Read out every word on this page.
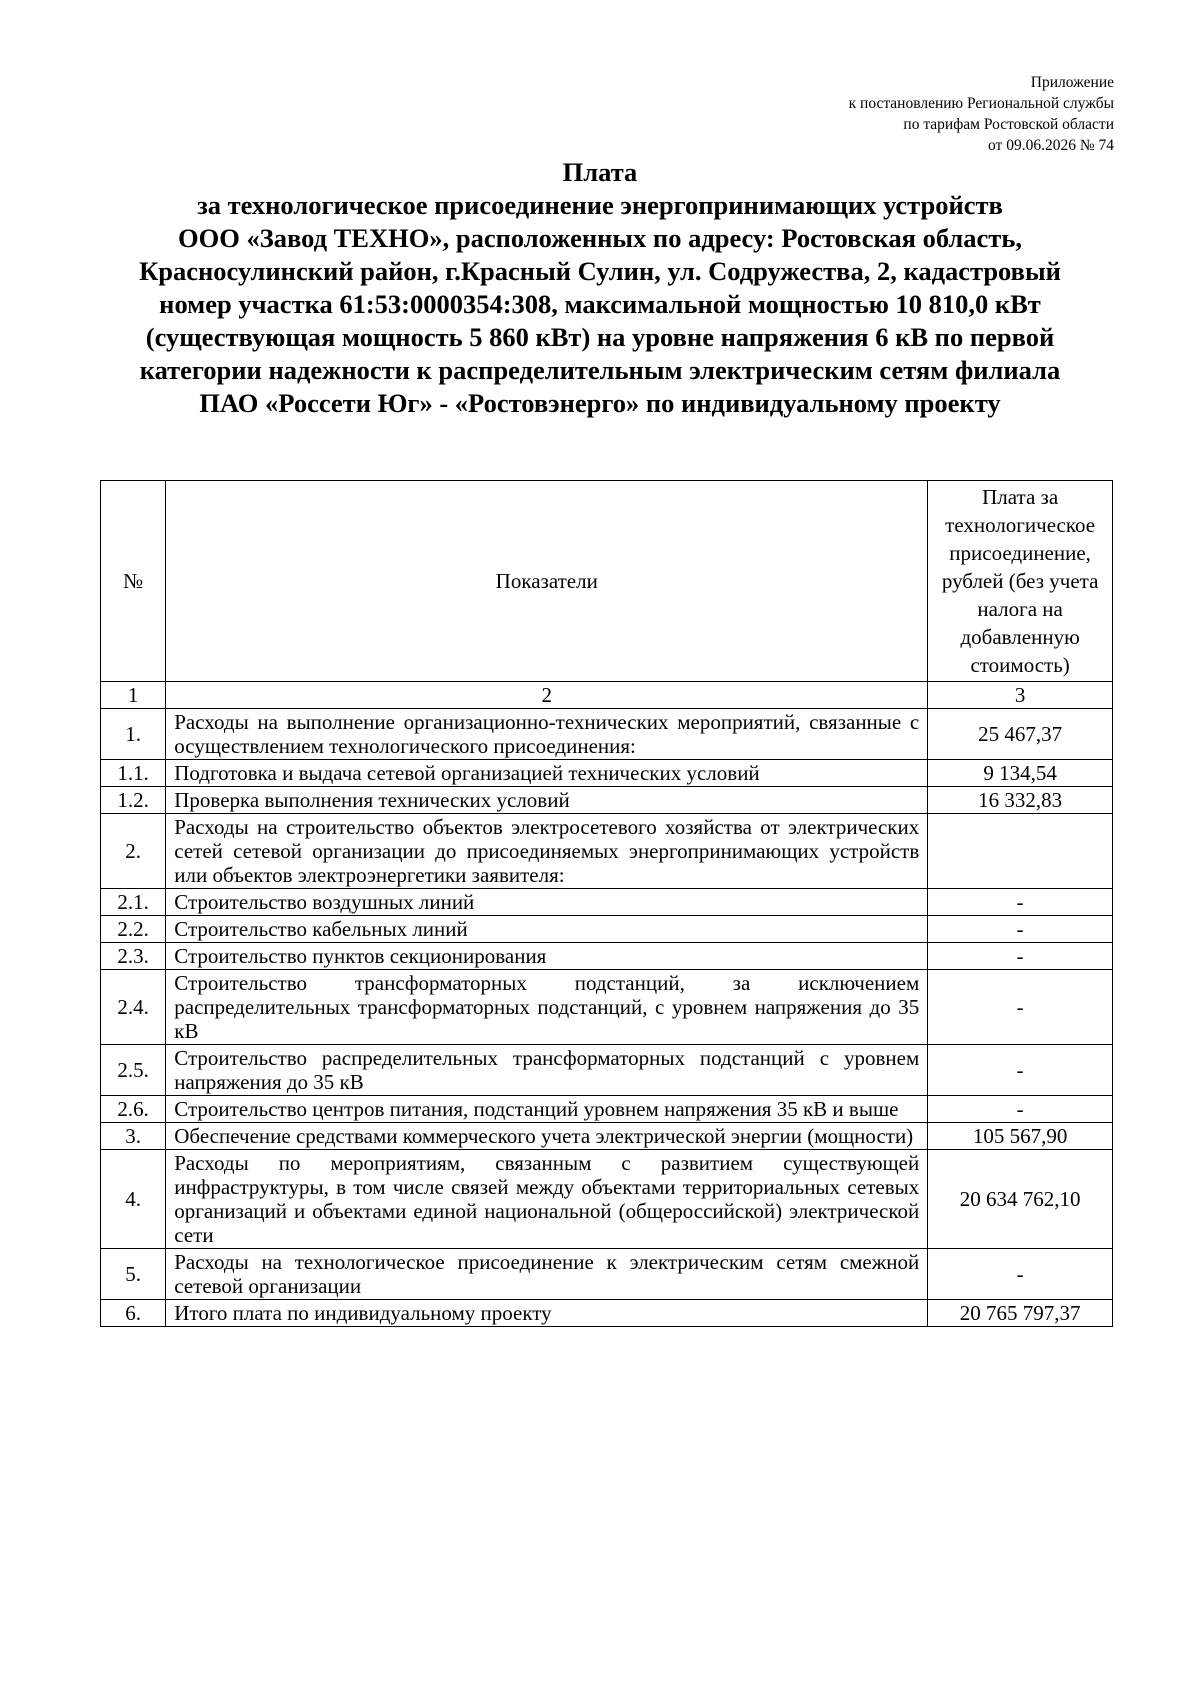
Приложение
к постановлению Региональной службы
по тарифам Ростовской области
от 09.06.2026 № 74
Плата
за технологическое присоединение энергопринимающих устройств
ООО «Завод ТЕХНО», расположенных по адресу: Ростовская область,
Красносулинский район, г.Красный Сулин, ул. Содружества, 2, кадастровый
номер участка 61:53:0000354:308, максимальной мощностью 10 810,0 кВт
(существующая мощность 5 860 кВт) на уровне напряжения 6 кВ по первой
категории надежности к распределительным электрическим сетям филиала
ПАО «Россети Юг» - «Ростовэнерго» по индивидуальному проекту
№	Показатели	Плата за технологическое присоединение, рублей (без учета налога на добавленную стоимость)
1	2	3
1.	Расходы на выполнение организационно-технических мероприятий, связанные с осуществлением технологического присоединения:	25 467,37
1.1.	Подготовка и выдача сетевой организацией технических условий	9 134,54
1.2.	Проверка выполнения технических условий	16 332,83
2.	Расходы на строительство объектов электросетевого хозяйства от электрических сетей сетевой организации до присоединяемых энергопринимающих устройств или объектов электроэнергетики заявителя:	
2.1.	Строительство воздушных линий	-
2.2.	Строительство кабельных линий	-
2.3.	Строительство пунктов секционирования	-
2.4.	Строительство трансформаторных подстанций, за исключением распределительных трансформаторных подстанций, с уровнем напряжения до 35 кВ	-
2.5.	Строительство распределительных трансформаторных подстанций с уровнем напряжения до 35 кВ	-
2.6.	Строительство центров питания, подстанций уровнем напряжения 35 кВ и выше	-
3.	Обеспечение средствами коммерческого учета электрической энергии (мощности)	105 567,90
4.	Расходы по мероприятиям, связанным с развитием существующей инфраструктуры, в том числе связей между объектами территориальных сетевых организаций и объектами единой национальной (общероссийской) электрической сети	20 634 762,10
5.	Расходы на технологическое присоединение к электрическим сетям смежной сетевой организации	-
6.	Итого плата по индивидуальному проекту	20 765 797,37
